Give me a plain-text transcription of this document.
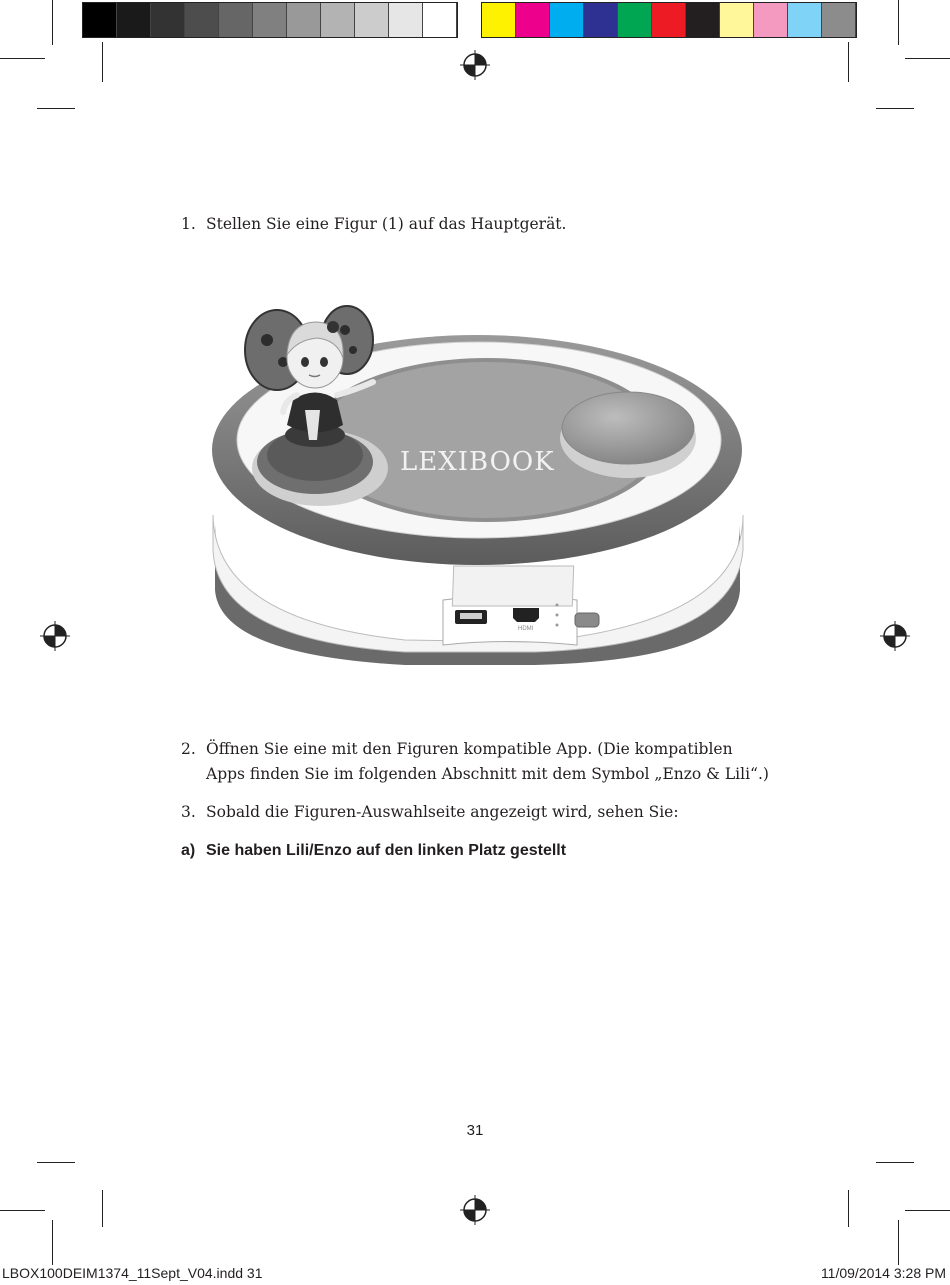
1. Stellen Sie eine Figur (1) auf das Hauptgerät.
LEXIBOOK
HDMI
2. Öffnen Sie eine mit den Figuren kompatible App. (Die kompatiblen Apps finden Sie im folgenden Abschnitt mit dem Symbol „Enzo & Lili“.)
3. Sobald die Figuren-Auswahlseite angezeigt wird, sehen Sie:
a) Sie haben Lili/Enzo auf den linken Platz gestellt
31
LBOX100DEIM1374_11Sept_V04.indd 31	11/09/2014 3:28 PM
